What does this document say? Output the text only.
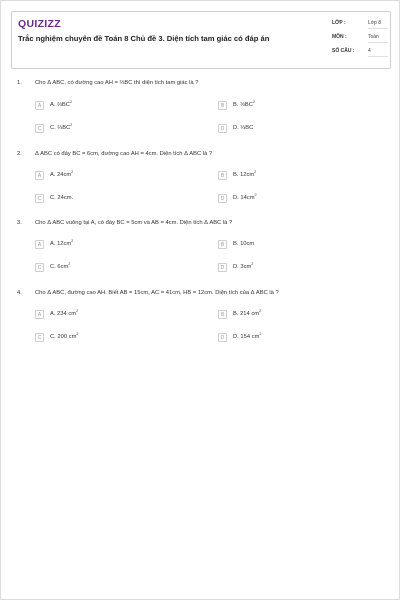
QUIZIZZ
Trắc nghiệm chuyên đề Toán 8 Chủ đề 3. Diện tích tam giác có đáp án
LỚP :	Lớp 8
MÔN :	Toán
SỐ CÂU :	4
1. Cho Δ ABC, có đường cao AH = ⅔BC thì diện tích tam giác là ?
A	A. $\frac{2}{3}BC^2$
B	B. $\frac{1}{3}BC^2$
C	C. $\frac{2}{3}BC^2$
D	D. ⅓BC
2. Δ ABC có đáy BC = 6cm, đường cao AH = 4cm. Diện tích Δ ABC là ?
A	A. $24cm^2$
B	B. $12cm^2$
C	C. 24cm.	D	D. $14cm^2$
3. Cho Δ ABC vuông tại A, có đáy BC = 5cm và AB = 4cm. Diện tích Δ ABC là ?
A	A. $12cm^2$
B	B. 10cm
C	C. $6cm^2$
D	D. $3cm^2$
4. Cho Δ ABC, đường cao AH. Biết AB = 15cm, AC = 41cm, HB = 12cm. Diện tích của Δ ABC là ?
A	A. 234 $cm^2$
B	B. 214 $cm^2$
C	C. 200 $cm^2$
D	D. 154 $cm^2$
